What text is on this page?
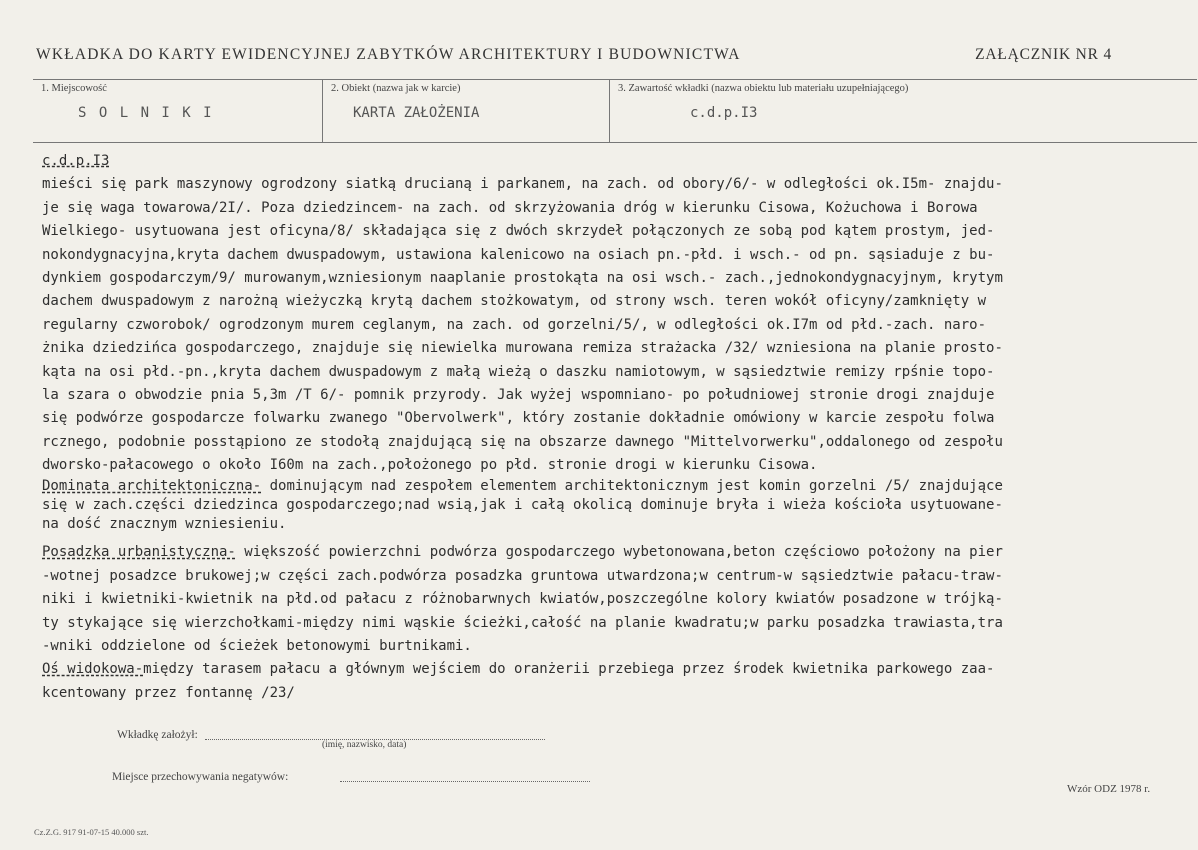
WKŁADKA DO KARTY EWIDENCYJNEJ ZABYTKÓW ARCHITEKTURY I BUDOWNICTWA	ZAŁĄCZNIK NR 4
1. Miejscowość
S O L N I K I
2. Obiekt (nazwa jak w karcie)
KARTA ZAŁOŻENIA
3. Zawartość wkładki (nazwa obiektu lub materiału uzupełniającego)
c.d.p.I3
c.d.p.I3
mieści się park maszynowy ogrodzony siatką drucianą i parkanem, na zach. od obory/6/- w odległości ok.I5m- znajdu-
je się waga towarowa/2I/. Poza dziedzincem- na zach. od skrzyżowania dróg w kierunku Cisowa, Kożuchowa i Borowa
Wielkiego- usytuowana jest oficyna/8/ składająca się z dwóch skrzydeł połączonych ze sobą pod kątem prostym, jed-
nokondygnacyjna,kryta dachem dwuspadowym, ustawiona kalenicowo na osiach pn.-płd. i wsch.- od pn. sąsiaduje z bu-
dynkiem gospodarczym/9/ murowanym,wzniesionym naaplanie prostokąta na osi wsch.- zach.,jednokondygnacyjnym, krytym
dachem dwuspadowym z narożną wieżyczką krytą dachem stożkowatym, od strony wsch. teren wokół oficyny/zamknięty w
regularny czworobok/ ogrodzonym murem ceglanym, na zach. od gorzelni/5/, w odległości ok.I7m od płd.-zach. naro-
żnika dziedzińca gospodarczego, znajduje się niewielka murowana remiza strażacka /32/ wzniesiona na planie prosto-
kąta na osi płd.-pn.,kryta dachem dwuspadowym z małą wieżą o daszku namiotowym, w sąsiedztwie remizy rpśnie topo-
la szara o obwodzie pnia 5,3m /T 6/- pomnik przyrody. Jak wyżej wspomniano- po południowej stronie drogi znajduje
się podwórze gospodarcze folwarku zwanego "Obervolwerk", który zostanie dokładnie omówiony w karcie zespołu folwa
rcznego, podobnie posstąpiono ze stodołą znajdującą się na obszarze dawnego "Mittelvorwerku",oddalonego od zespołu
dworsko-pałacowego o około I60m na zach.,położonego po płd. stronie drogi w kierunku Cisowa.
Dominata architektoniczna- dominującym nad zespołem elementem architektonicznym jest komin gorzelni /5/ znajdujące
się w zach.części dziedzinca gospodarczego;nad wsią,jak i całą okolicą dominuje bryła i wieża kościoła usytuowane-
na dość znacznym wzniesieniu.
Posadzka urbanistyczna- większość powierzchni podwórza gospodarczego wybetonowana,beton częściowo położony na pier
-wotnej posadzce brukowej;w części zach.podwórza posadzka gruntowa utwardzona;w centrum-w sąsiedztwie pałacu-traw-
niki i kwietniki-kwietnik na płd.od pałacu z różnobarwnych kwiatów,poszczególne kolory kwiatów posadzone w trójką-
ty stykające się wierzchołkami-między nimi wąskie ścieżki,całość na planie kwadratu;w parku posadzka trawiasta,tra
-wniki oddzielone od ścieżek betonowymi burtnikami.
Oś widokowa-między tarasem pałacu a głównym wejściem do oranżerii przebiega przez środek kwietnika parkowego zaa-
kcentowany przez fontannę /23/
Wkładkę założył:
(imię, nazwisko, data)
Miejsce przechowywania negatywów:
Wzór ODZ 1978 r.
Cz.Z.G. 917 91-07-15 40.000 szt.
